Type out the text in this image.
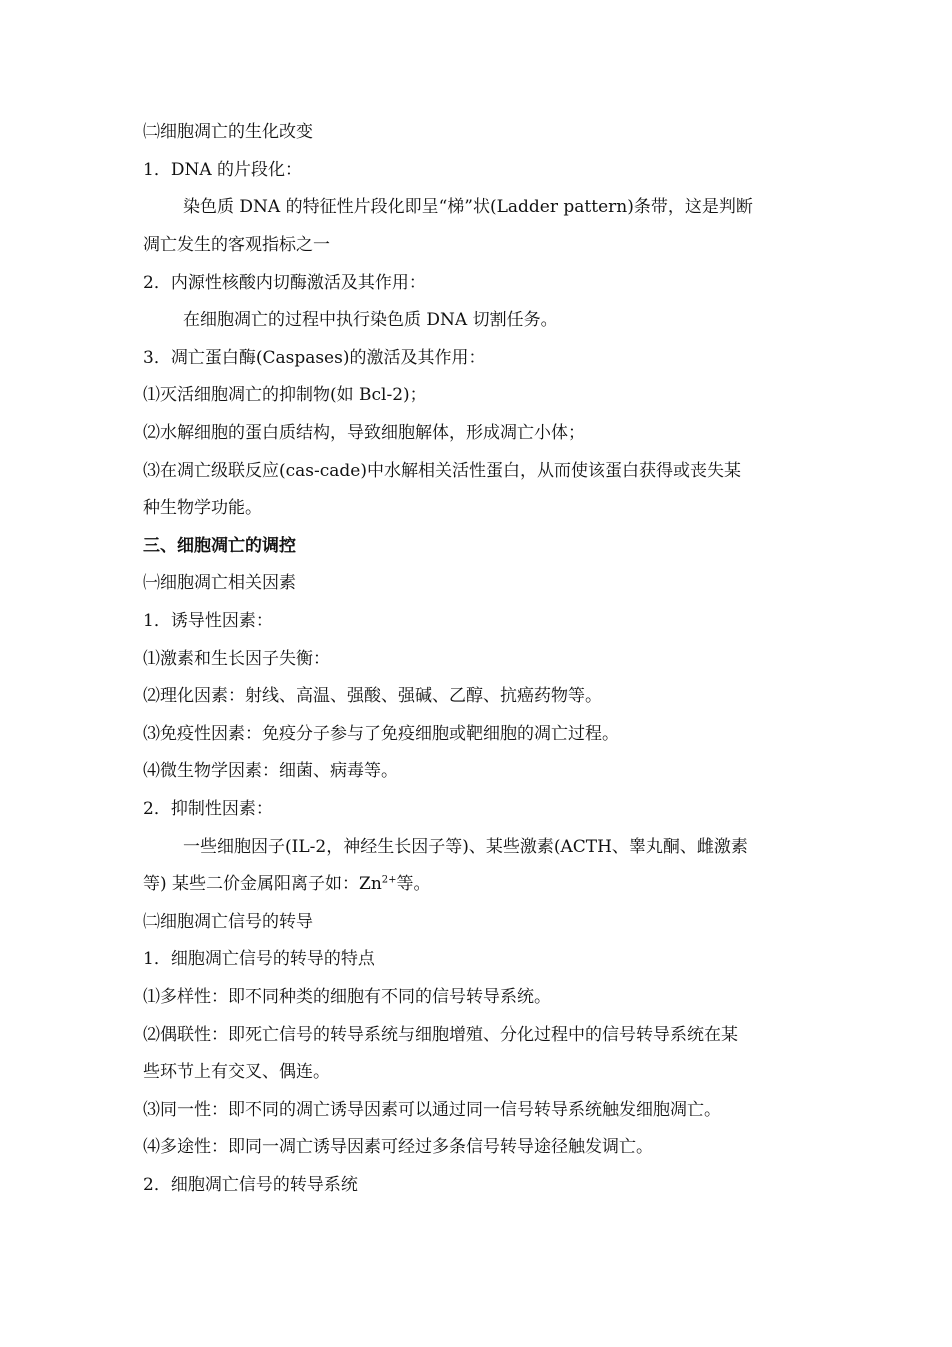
㈡细胞凋亡的生化改变
1．DNA 的片段化：
染色质 DNA 的特征性片段化即呈“梯”状(Ladder pattern)条带，这是判断
凋亡发生的客观指标之一
2．内源性核酸内切酶激活及其作用：
在细胞凋亡的过程中执行染色质 DNA 切割任务。
3．凋亡蛋白酶(Caspases)的激活及其作用：
⑴灭活细胞凋亡的抑制物(如 Bcl-2)；
⑵水解细胞的蛋白质结构，导致细胞解体，形成凋亡小体；
⑶在凋亡级联反应(cas-cade)中水解相关活性蛋白，从而使该蛋白获得或丧失某
种生物学功能。
三、细胞凋亡的调控
㈠细胞凋亡相关因素
1．诱导性因素：
⑴激素和生长因子失衡：
⑵理化因素：射线、高温、强酸、强碱、乙醇、抗癌药物等。
⑶免疫性因素：免疫分子参与了免疫细胞或靶细胞的凋亡过程。
⑷微生物学因素：细菌、病毒等。
2．抑制性因素：
一些细胞因子(IL-2，神经生长因子等)、某些激素(ACTH、睾丸酮、雌激素
等) 某些二价金属阳离子如：$Zn^{2+}$等。
㈡细胞凋亡信号的转导
1．细胞凋亡信号的转导的特点
⑴多样性：即不同种类的细胞有不同的信号转导系统。
⑵偶联性：即死亡信号的转导系统与细胞增殖、分化过程中的信号转导系统在某
些环节上有交叉、偶连。
⑶同一性：即不同的凋亡诱导因素可以通过同一信号转导系统触发细胞凋亡。
⑷多途性：即同一凋亡诱导因素可经过多条信号转导途径触发调亡。
2．细胞凋亡信号的转导系统
